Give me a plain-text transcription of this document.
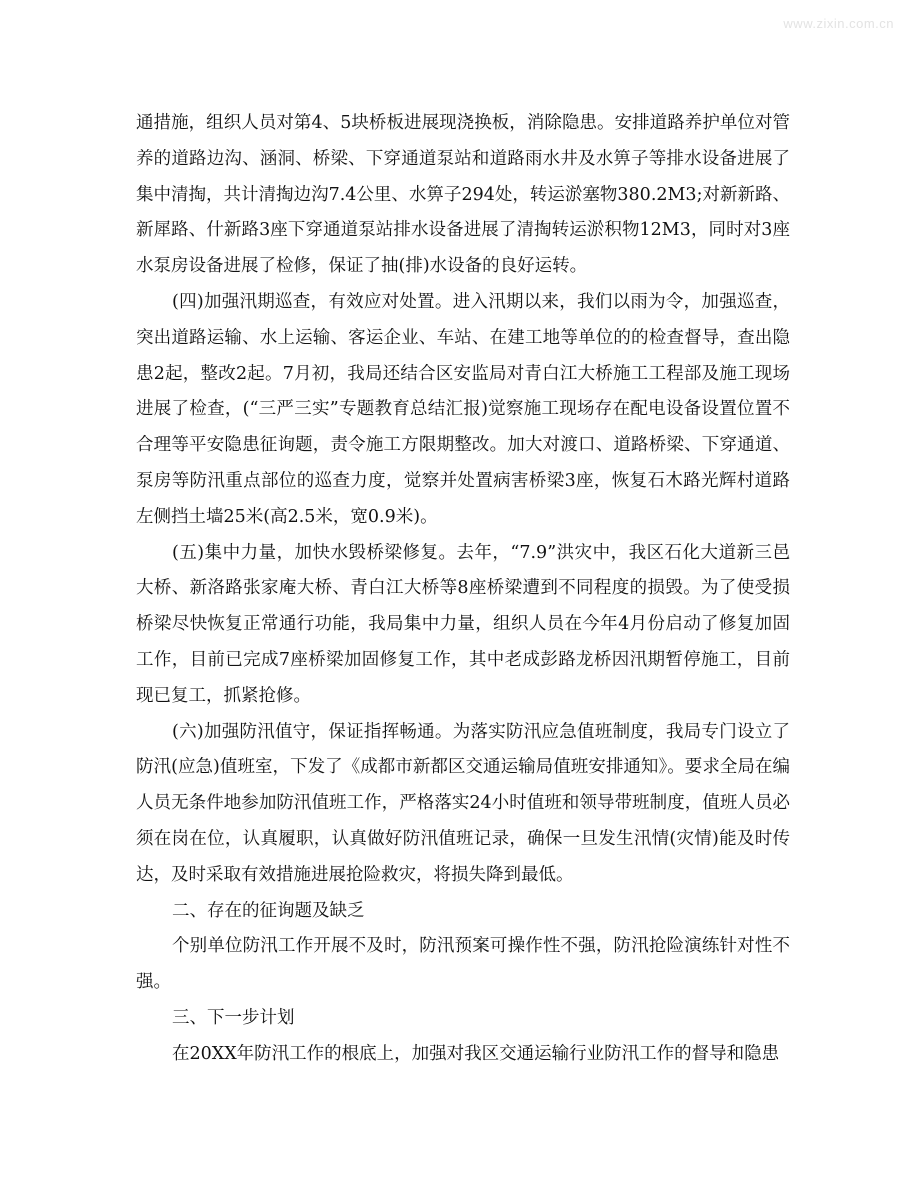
www.zixin.com.cn

通措施，组织人员对第4、5块桥板进展现浇换板，消除隐患。安排道路养护单位对管养的道路边沟、涵洞、桥梁、下穿通道泵站和道路雨水井及水箅子等排水设备进展了集中清掏，共计清掏边沟7.4公里、水箅子294处，转运淤塞物380.2M3;对新新路、新犀路、什新路3座下穿通道泵站排水设备进展了清掏转运淤积物12M3，同时对3座水泵房设备进展了检修，保证了抽(排)水设备的良好运转。

(四)加强汛期巡查，有效应对处置。进入汛期以来，我们以雨为令，加强巡查，突出道路运输、水上运输、客运企业、车站、在建工地等单位的的检查督导，查出隐患2起，整改2起。7月初，我局还结合区安监局对青白江大桥施工工程部及施工现场进展了检查，(“三严三实”专题教育总结汇报)觉察施工现场存在配电设备设置位置不合理等平安隐患征询题，责令施工方限期整改。加大对渡口、道路桥梁、下穿通道、泵房等防汛重点部位的巡查力度，觉察并处置病害桥梁3座，恢复石木路光辉村道路左侧挡土墙25米(高2.5米，宽0.9米)。

(五)集中力量，加快水毁桥梁修复。去年，“7.9”洪灾中，我区石化大道新三邑大桥、新洛路张家庵大桥、青白江大桥等8座桥梁遭到不同程度的损毁。为了使受损桥梁尽快恢复正常通行功能，我局集中力量，组织人员在今年4月份启动了修复加固工作，目前已完成7座桥梁加固修复工作，其中老成彭路龙桥因汛期暂停施工，目前现已复工，抓紧抢修。

(六)加强防汛值守，保证指挥畅通。为落实防汛应急值班制度，我局专门设立了防汛(应急)值班室，下发了《成都市新都区交通运输局值班安排通知》。要求全局在编人员无条件地参加防汛值班工作，严格落实24小时值班和领导带班制度，值班人员必须在岗在位，认真履职，认真做好防汛值班记录，确保一旦发生汛情(灾情)能及时传达，及时采取有效措施进展抢险救灾，将损失降到最低。

二、存在的征询题及缺乏

个别单位防汛工作开展不及时，防汛预案可操作性不强，防汛抢险演练针对性不强。

三、下一步计划

在20XX年防汛工作的根底上，加强对我区交通运输行业防汛工作的督导和隐患
